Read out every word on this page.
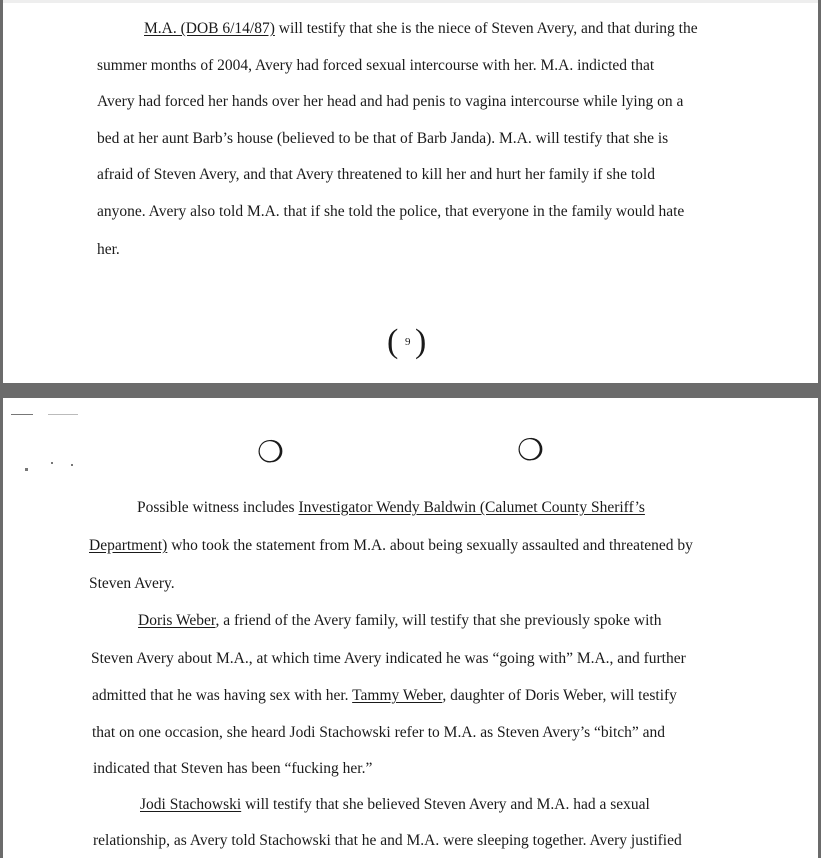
M.A. (DOB 6/14/87) will testify that she is the niece of Steven Avery, and that during the
summer months of 2004, Avery had forced sexual intercourse with her. M.A. indicted that
Avery had forced her hands over her head and had penis to vagina intercourse while lying on a
bed at her aunt Barb’s house (believed to be that of Barb Janda). M.A. will testify that she is
afraid of Steven Avery, and that Avery threatened to kill her and hurt her family if she told
anyone. Avery also told M.A. that if she told the police, that everyone in the family would hate
her.
( 9 )
❍	❍
Possible witness includes Investigator Wendy Baldwin (Calumet County Sheriff’s
Department) who took the statement from M.A. about being sexually assaulted and threatened by
Steven Avery.
Doris Weber, a friend of the Avery family, will testify that she previously spoke with
Steven Avery about M.A., at which time Avery indicated he was “going with” M.A., and further
admitted that he was having sex with her. Tammy Weber, daughter of Doris Weber, will testify
that on one occasion, she heard Jodi Stachowski refer to M.A. as Steven Avery’s “bitch” and
indicated that Steven has been “fucking her.”
Jodi Stachowski will testify that she believed Steven Avery and M.A. had a sexual
relationship, as Avery told Stachowski that he and M.A. were sleeping together. Avery justified
